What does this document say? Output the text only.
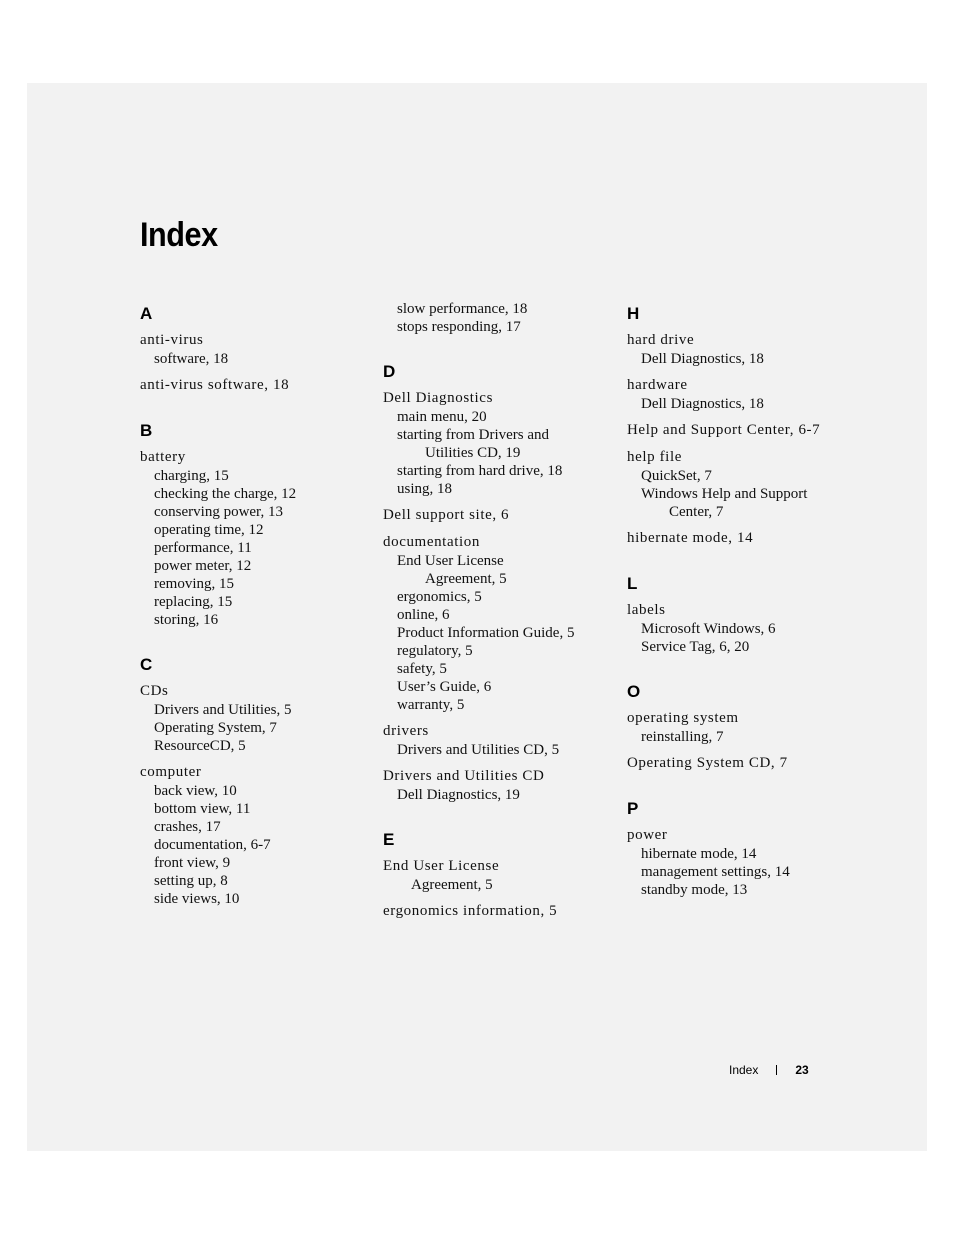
Index
A
anti-virus
software, 18
anti-virus software, 18
B
battery
charging, 15
checking the charge, 12
conserving power, 13
operating time, 12
performance, 11
power meter, 12
removing, 15
replacing, 15
storing, 16
C
CDs
Drivers and Utilities, 5
Operating System, 7
ResourceCD, 5
computer
back view, 10
bottom view, 11
crashes, 17
documentation, 6-7
front view, 9
setting up, 8
side views, 10
slow performance, 18
stops responding, 17
D
Dell Diagnostics
main menu, 20
starting from Drivers and
Utilities CD, 19
starting from hard drive, 18
using, 18
Dell support site, 6
documentation
End User License
Agreement, 5
ergonomics, 5
online, 6
Product Information Guide, 5
regulatory, 5
safety, 5
User’s Guide, 6
warranty, 5
drivers
Drivers and Utilities CD, 5
Drivers and Utilities CD
Dell Diagnostics, 19
E
End User License
Agreement, 5
ergonomics information, 5
H
hard drive
Dell Diagnostics, 18
hardware
Dell Diagnostics, 18
Help and Support Center, 6-7
help file
QuickSet, 7
Windows Help and Support
Center, 7
hibernate mode, 14
L
labels
Microsoft Windows, 6
Service Tag, 6, 20
O
operating system
reinstalling, 7
Operating System CD, 7
P
power
hibernate mode, 14
management settings, 14
standby mode, 13
Index	23
